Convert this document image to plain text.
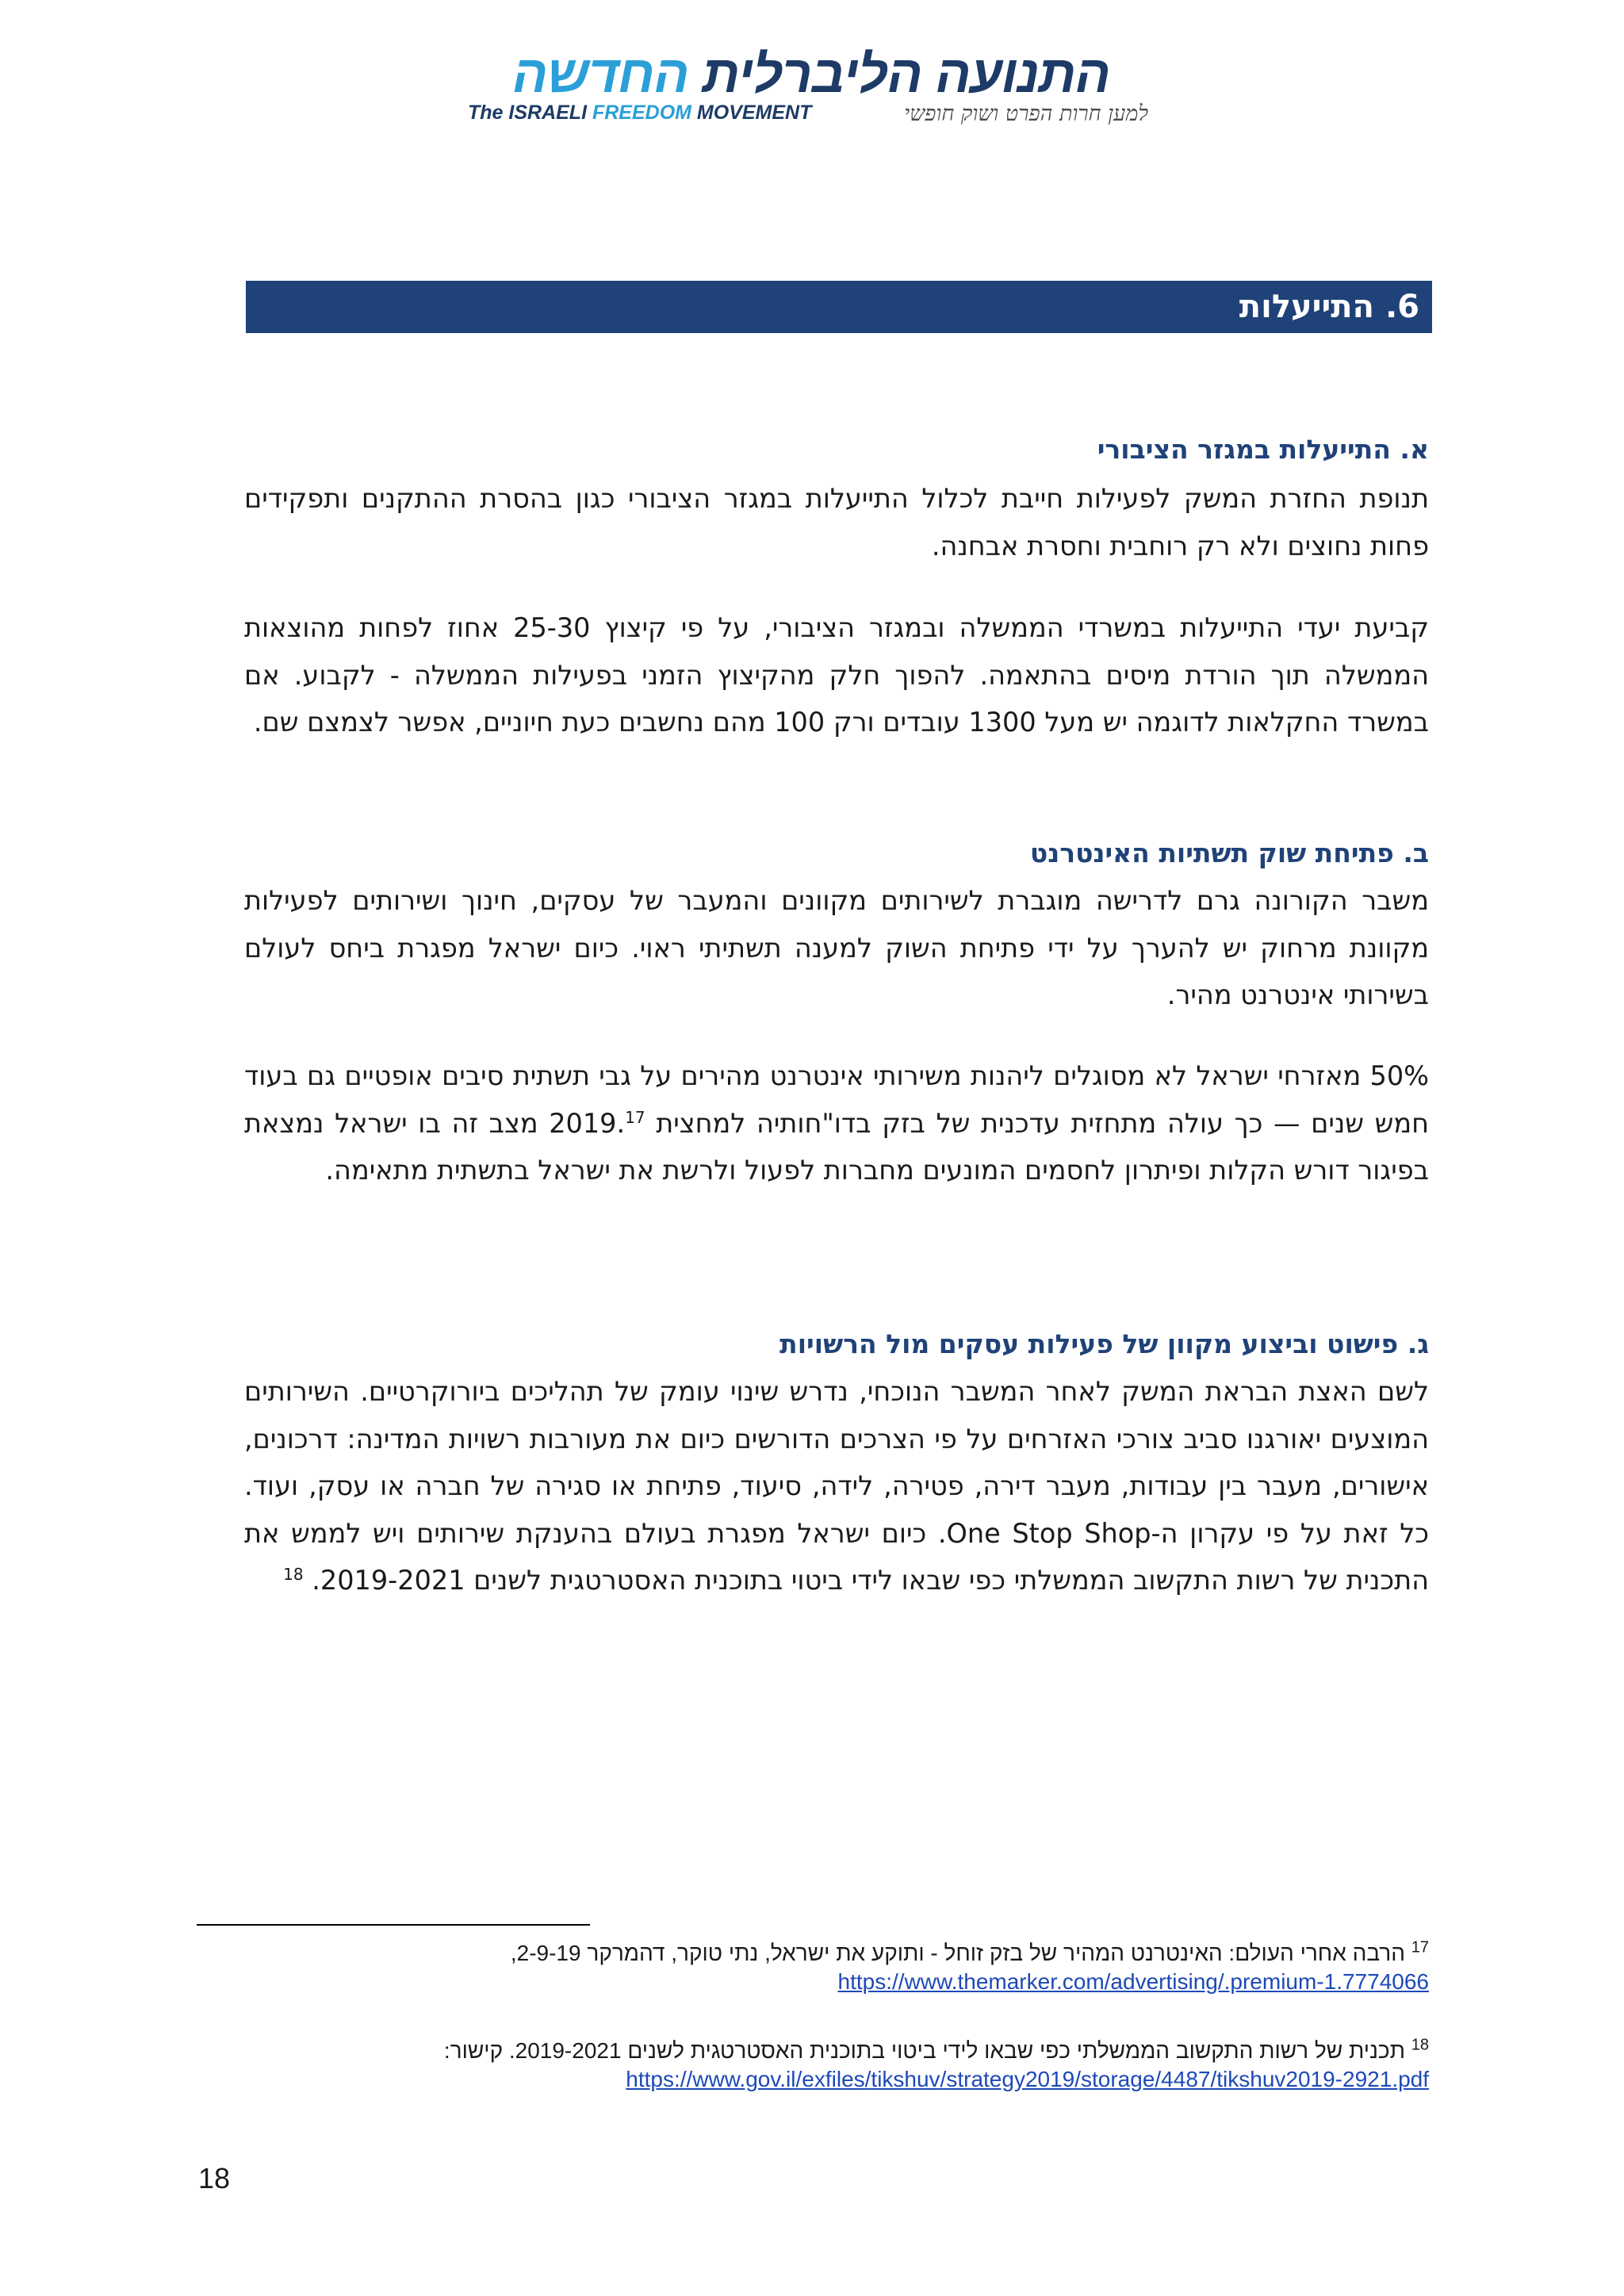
התנועה הליברלית החדשה
The ISRAELI FREEDOM MOVEMENT	למען חרות הפרט ושוק חופשי
6. התייעלות
א. התייעלות במגזר הציבורי
תנופת החזרת המשק לפעילות חייבת לכלול התייעלות במגזר הציבורי כגון בהסרת ההתקנים ותפקידים פחות נחוצים ולא רק רוחבית וחסרת אבחנה.
קביעת יעדי התייעלות במשרדי הממשלה ובמגזר הציבורי, על פי קיצוץ 25-30 אחוז לפחות מהוצאות הממשלה תוך הורדת מיסים בהתאמה. להפוך חלק מהקיצוץ הזמני בפעילות הממשלה - לקבוע. אם במשרד החקלאות לדוגמה יש מעל 1300 עובדים ורק 100 מהם נחשבים כעת חיוניים, אפשר לצמצם שם.
ב. פתיחת שוק תשתיות האינטרנט
משבר הקורונה גרם לדרישה מוגברת לשירותים מקוונים והמעבר של עסקים, חינוך ושירותים לפעילות מקוונת מרחוק יש להערך על ידי פתיחת השוק למענה תשתיתי ראוי. כיום ישראל מפגרת ביחס לעולם בשירותי אינטרנט מהיר.
50% מאזרחי ישראל לא מסוגלים ליהנות משירותי אינטרנט מהירים על גבי תשתית סיבים אופטיים גם בעוד חמש שנים — כך עולה מתחזית עדכנית של בזק בדו"חותיה למחצית 2019.17 מצב זה בו ישראל נמצאת בפיגור דורש הקלות ופיתרון לחסמים המונעים מחברות לפעול ולרשת את ישראל בתשתית מתאימה.
ג. פישוט וביצוע מקוון של פעילות עסקים מול הרשויות
לשם האצת הבראת המשק לאחר המשבר הנוכחי, נדרש שינוי עומק של תהליכים ביורוקרטיים. השירותים המוצעים יאורגנו סביב צורכי האזרחים על פי הצרכים הדורשים כיום את מעורבות רשויות המדינה: דרכונים, אישורים, מעבר בין עבודות, מעבר דירה, פטירה, לידה, סיעוד, פתיחת או סגירה של חברה או עסק, ועוד. כל זאת על פי עקרון ה-One Stop Shop. כיום ישראל מפגרת בעולם בהענקת שירותים ויש לממש את התכנית של רשות התקשוב הממשלתי כפי שבאו לידי ביטוי בתוכנית האסטרטגית לשנים 2019-2021. $^{18}$
$^{17}$ הרבה אחרי העולם: האינטרנט המהיר של בזק זוחל - ותוקע את ישראל, נתי טוקר, דהמרקר 2-9-19,
https://www.themarker.com/advertising/.premium-1.7774066
$^{18}$ תכנית של רשות התקשוב הממשלתי כפי שבאו לידי ביטוי בתוכנית האסטרטגית לשנים 2019-2021. קישור:
https://www.gov.il/exfiles/tikshuv/strategy2019/storage/4487/tikshuv2019-2921.pdf
18
